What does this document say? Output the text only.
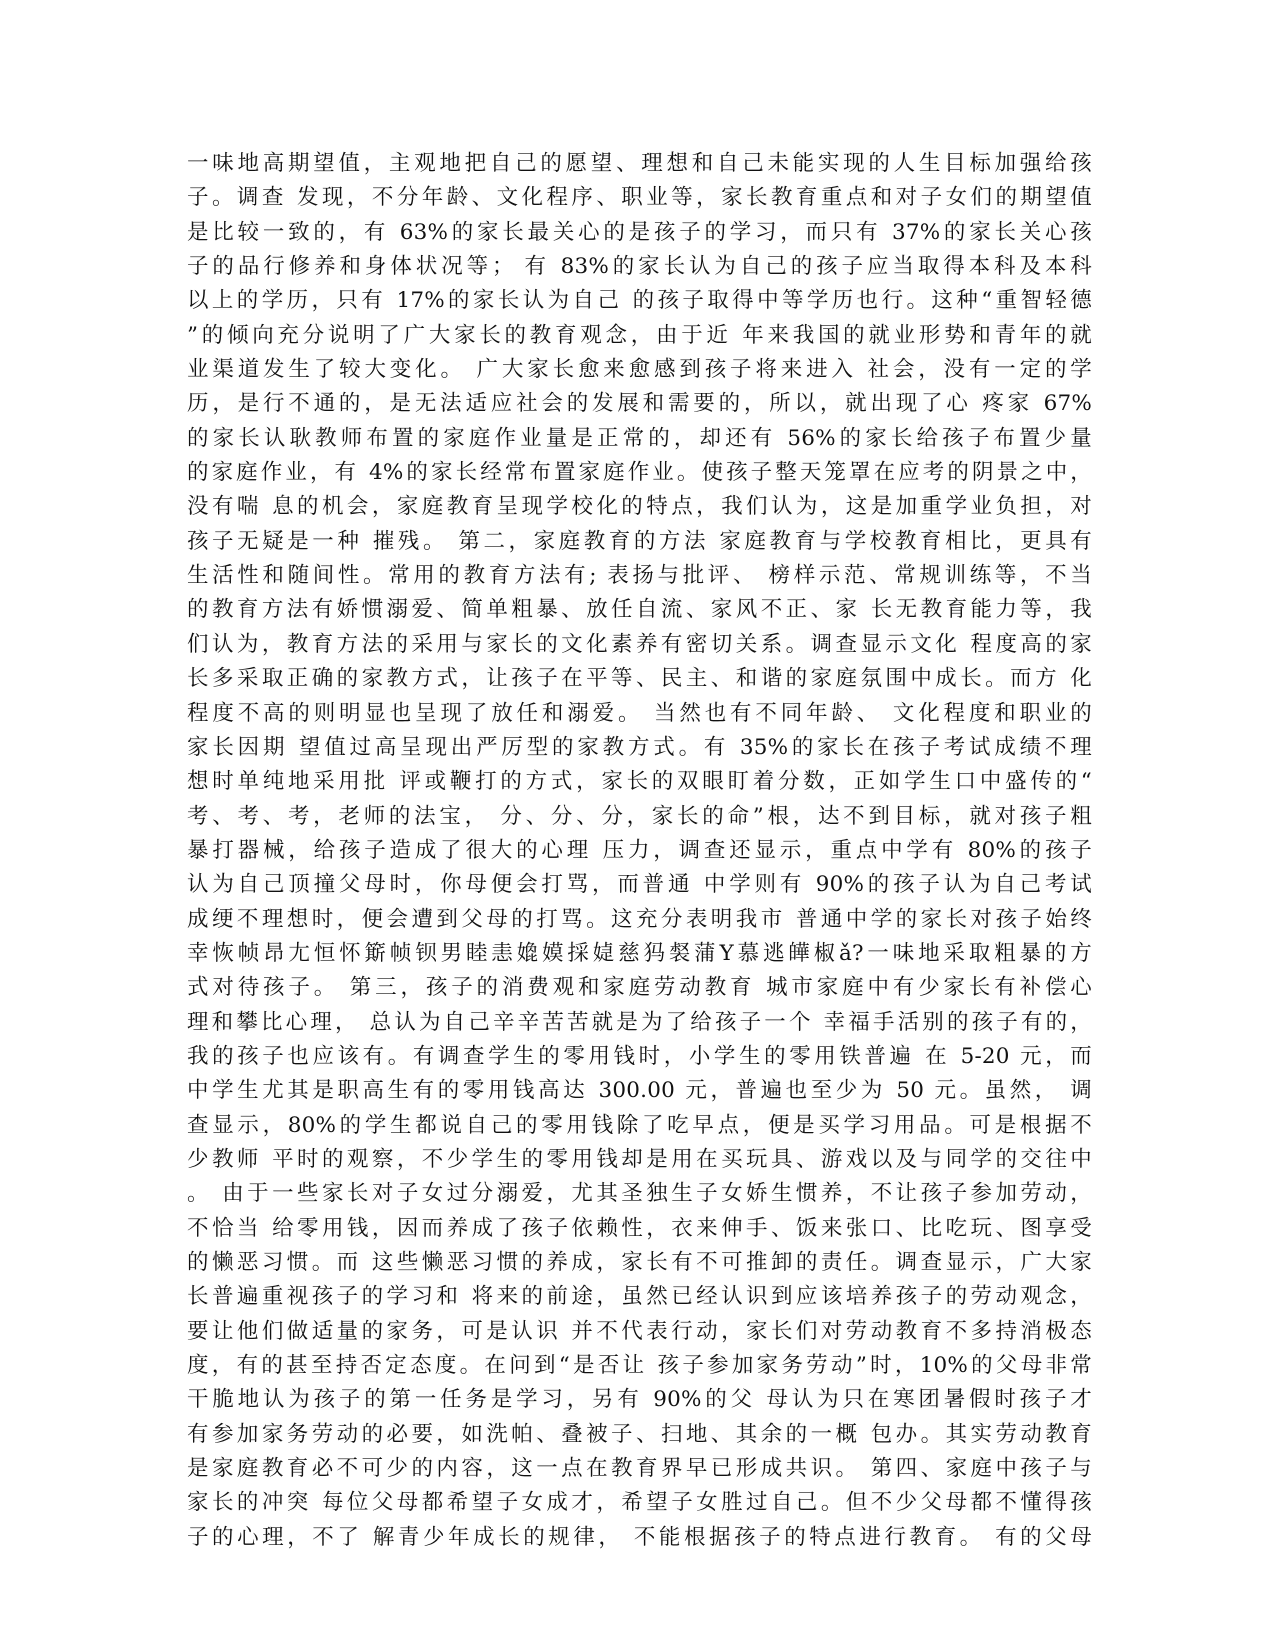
一味地高期望值，主观地把自己的愿望、理想和自己未能实现的人生目标加强给孩
子。调查 发现，不分年龄、文化程序、职业等，家长教育重点和对子女们的期望值
是比较一致的，有 63%的家长最关心的是孩子的学习，而只有 37%的家长关心孩
子的品行修养和身体状况等； 有 83%的家长认为自己的孩子应当取得本科及本科
以上的学历，只有 17%的家长认为自己 的孩子取得中等学历也行。这种“重智轻德
”的倾向充分说明了广大家长的教育观念，由于近 年来我国的就业形势和青年的就
业渠道发生了较大变化。 广大家长愈来愈感到孩子将来进入 社会，没有一定的学
历，是行不通的，是无法适应社会的发展和需要的，所以，就出现了心 疼家 67%
的家长认耿教师布置的家庭作业量是正常的，却还有 56%的家长给孩子布置少量
的家庭作业，有 4%的家长经常布置家庭作业。使孩子整天笼罩在应考的阴景之中，
没有喘 息的机会，家庭教育呈现学校化的特点，我们认为，这是加重学业负担，对
孩子无疑是一种 摧残。 第二，家庭教育的方法 家庭教育与学校教育相比，更具有
生活性和随间性。常用的教育方法有; 表扬与批评、 榜样示范、常规训练等，不当
的教育方法有娇惯溺爱、简单粗暴、放任自流、家风不正、家 长无教育能力等，我
们认为，教育方法的采用与家长的文化素养有密切关系。调查显示文化 程度高的家
长多采取正确的家教方式，让孩子在平等、民主、和谐的家庭氛围中成长。而方 化
程度不高的则明显也呈现了放任和溺爱。 当然也有不同年龄、 文化程度和职业的
家长因期 望值过高呈现出严厉型的家教方式。有 35%的家长在孩子考试成绩不理
想时单纯地采用批 评或鞭打的方式，家长的双眼盯着分数，正如学生口中盛传的“
考、考、考，老师的法宝， 分、分、分，家长的命”根，达不到目标，就对孩子粗
暴打器械，给孩子造成了很大的心理 压力，调查还显示，重点中学有 80%的孩子
认为自己顶撞父母时，你母便会打骂，而普通 中学则有 90%的孩子认为自己考试
成绠不理想时，便会遭到父母的打骂。这充分表明我市 普通中学的家长对孩子始终
幸恢帧昂尢恒怀簛帧钡男睦恚嫓嫫採媫慈犸裻蒲Y慕逃皣椒ǎ?一味地采取粗暴的方
式对待孩子。 第三，孩子的消费观和家庭劳动教育 城市家庭中有少家长有补偿心
理和攀比心理， 总认为自己辛辛苦苦就是为了给孩子一个 幸福手活别的孩子有的，
我的孩子也应该有。有调查学生的零用钱时，小学生的零用铁普遍 在 5-20 元，而
中学生尤其是职高生有的零用钱高达 300.00 元，普遍也至少为 50 元。虽然， 调
查显示，80%的学生都说自己的零用钱除了吃早点，便是买学习用品。可是根据不
少教师 平时的观察，不少学生的零用钱却是用在买玩具、游戏以及与同学的交往中
。 由于一些家长对子女过分溺爱，尤其圣独生子女娇生惯养，不让孩子参加劳动，
不恰当 给零用钱，因而养成了孩子依赖性，衣来伸手、饭来张口、比吃玩、图享受
的懒恶习惯。而 这些懒恶习惯的养成，家长有不可推卸的责任。调查显示，广大家
长普遍重视孩子的学习和 将来的前途，虽然已经认识到应该培养孩子的劳动观念，
要让他们做适量的家务，可是认识 并不代表行动，家长们对劳动教育不多持消极态
度，有的甚至持否定态度。在问到“是否让 孩子参加家务劳动”时，10%的父母非常
干脆地认为孩子的第一任务是学习，另有 90%的父 母认为只在寒团暑假时孩子才
有参加家务劳动的必要，如洗帕、叠被子、扫地、其余的一概 包办。其实劳动教育
是家庭教育必不可少的内容，这一点在教育界早已形成共识。 第四、家庭中孩子与
家长的冲突 每位父母都希望子女成才，希望子女胜过自己。但不少父母都不懂得孩
子的心理，不了 解青少年成长的规律， 不能根据孩子的特点进行教育。 有的父母
